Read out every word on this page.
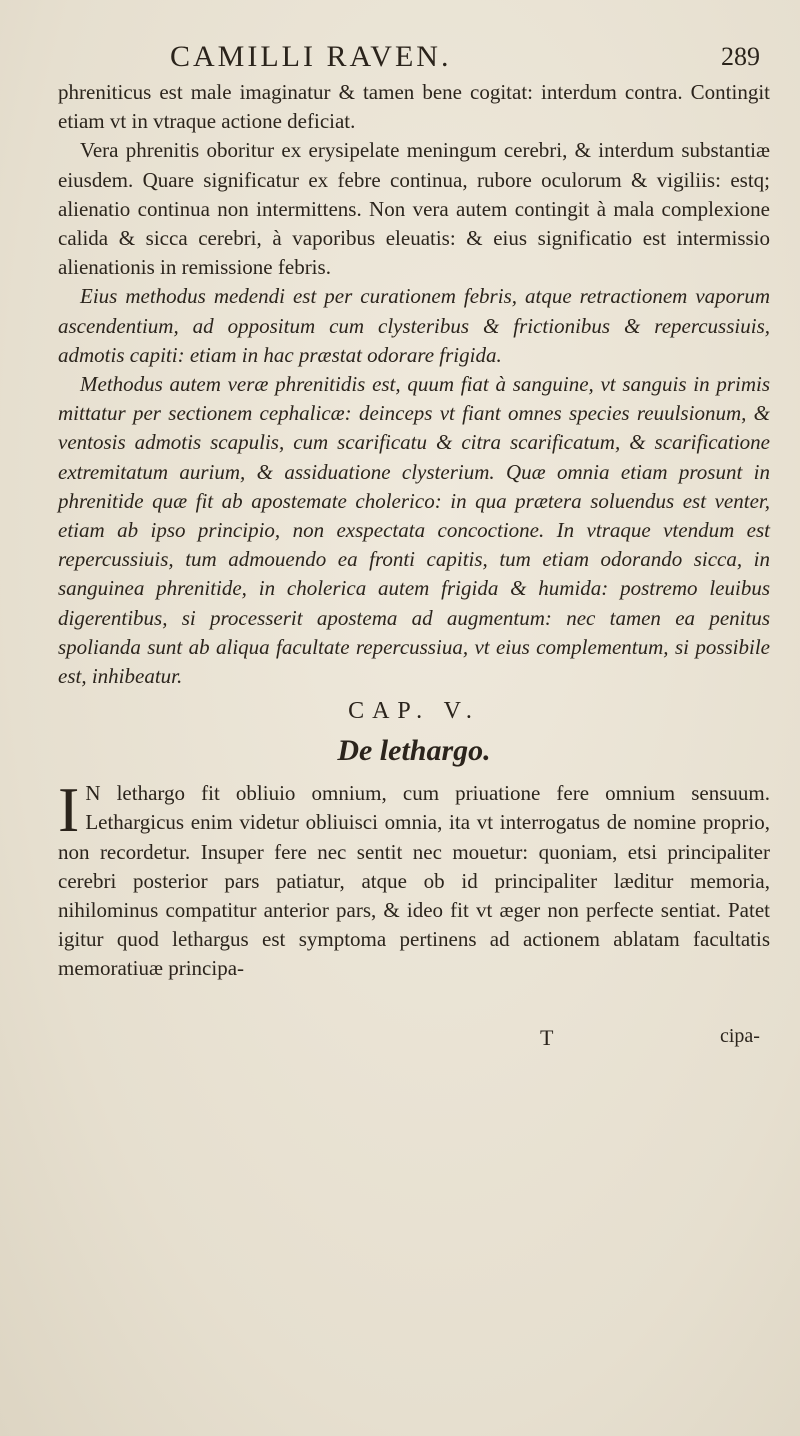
CAMILLI RAVEN.	289

phreniticus est male imaginatur & tamen bene cogitat: interdum contra. Contingit etiam vt in vtraque actione deficiat.

Vera phrenitis oboritur ex erysipelate meningum cerebri, & interdum substantiæ eiusdem. Quare significatur ex febre continua, rubore oculorum & vigiliis: estq; alienatio continua non intermittens. Non vera autem contingit à mala complexione calida & sicca cerebri, à vaporibus eleuatis: & eius significatio est intermissio alienationis in remissione febris.

Eius methodus medendi est per curationem febris, atque retractionem vaporum ascendentium, ad oppositum cum clysteribus & frictionibus & repercussiuis, admotis capiti: etiam in hac præstat odorare frigida.

Methodus autem veræ phrenitidis est, quum fiat à sanguine, vt sanguis in primis mittatur per sectionem cephalicæ: deinceps vt fiant omnes species reuulsionum, & ventosis admotis scapulis, cum scarificatu & citra scarificatum, & scarificatione extremitatum aurium, & assiduatione clysterium. Quæ omnia etiam prosunt in phrenitide quæ fit ab apostemate cholerico: in qua prætera soluendus est venter, etiam ab ipso principio, non exspectata concoctione. In vtraque vtendum est repercussiuis, tum admouendo ea fronti capitis, tum etiam odorando sicca, in sanguinea phrenitide, in cholerica autem frigida & humida: postremo leuibus digerentibus, si processerit apostema ad augmentum: nec tamen ea penitus spolianda sunt ab aliqua facultate repercussiua, vt eius complementum, si possibile est, inhibeatur.

CAP. V.
De lethargo.

I N lethargo fit obliuio omnium, cum priuatione fere omnium sensuum. Lethargicus enim videtur obliuisci omnia, ita vt interrogatus de nomine proprio, non recordetur. Insuper fere nec sentit nec mouetur: quoniam, etsi principaliter cerebri posterior pars patiatur, atque ob id principaliter læditur memoria, nihilominus compatitur anterior pars, & ideo fit vt æger non perfecte sentiat. Patet igitur quod lethargus est symptoma pertinens ad actionem ablatam facultatis memoratiuæ principa-

T	cipa-
